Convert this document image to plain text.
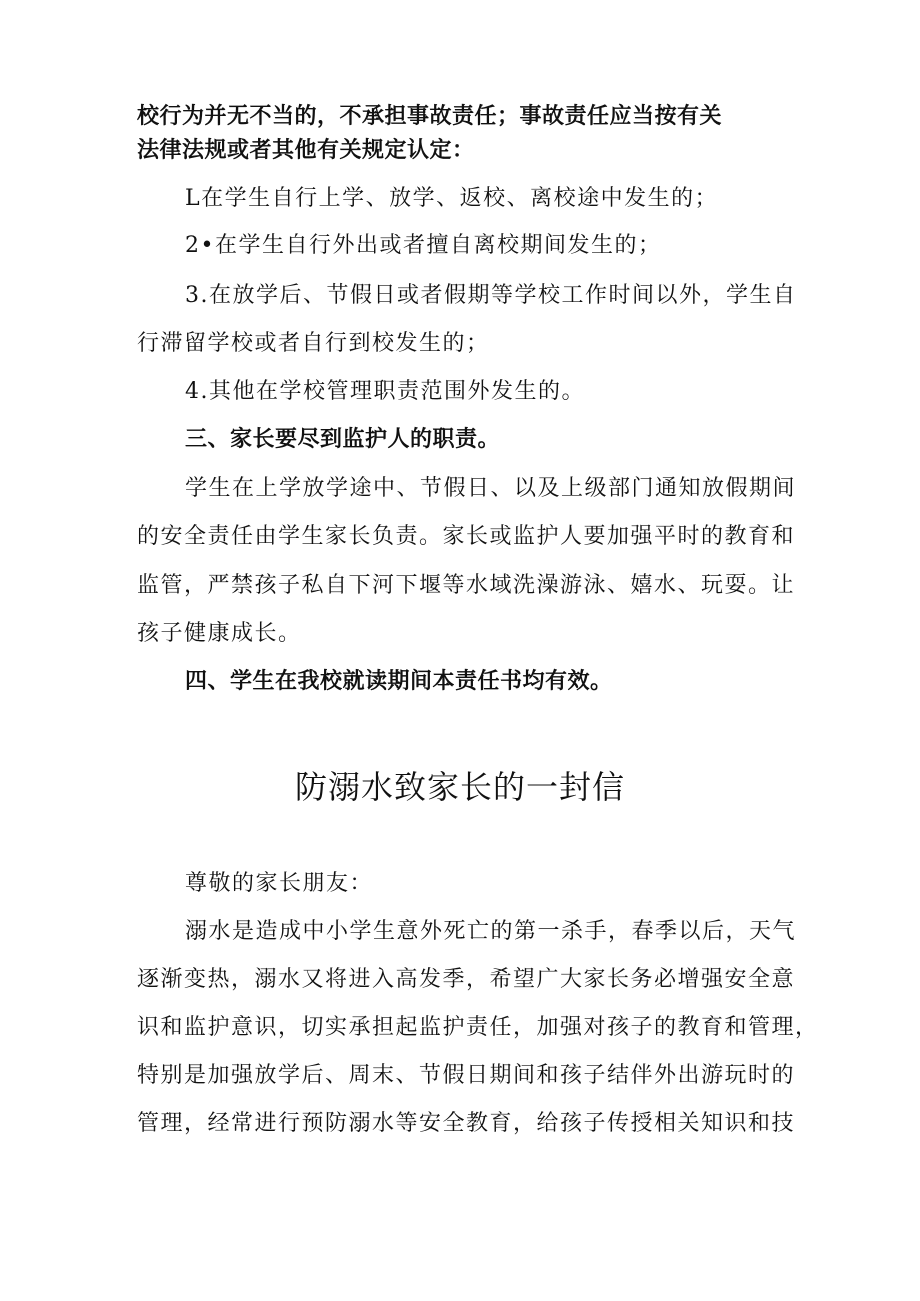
校行为并无不当的，不承担事故责任；事故责任应当按有关
法律法规或者其他有关规定认定：
L在学生自行上学、放学、返校、离校途中发生的；
2•在学生自行外出或者擅自离校期间发生的；
3.在放学后、节假日或者假期等学校工作时间以外，学生自
行滞留学校或者自行到校发生的；
4.其他在学校管理职责范围外发生的。
三、家长要尽到监护人的职责。
学生在上学放学途中、节假日、以及上级部门通知放假期间
的安全责任由学生家长负责。家长或监护人要加强平时的教育和
监管，严禁孩子私自下河下堰等水域洗澡游泳、嬉水、玩耍。让
孩子健康成长。
四、学生在我校就读期间本责任书均有效。
防溺水致家长的一封信
尊敬的家长朋友：
溺水是造成中小学生意外死亡的第一杀手，春季以后，天气
逐渐变热，溺水又将进入高发季，希望广大家长务必增强安全意
识和监护意识，切实承担起监护责任，加强对孩子的教育和管理，
特别是加强放学后、周末、节假日期间和孩子结伴外出游玩时的
管理，经常进行预防溺水等安全教育，给孩子传授相关知识和技
